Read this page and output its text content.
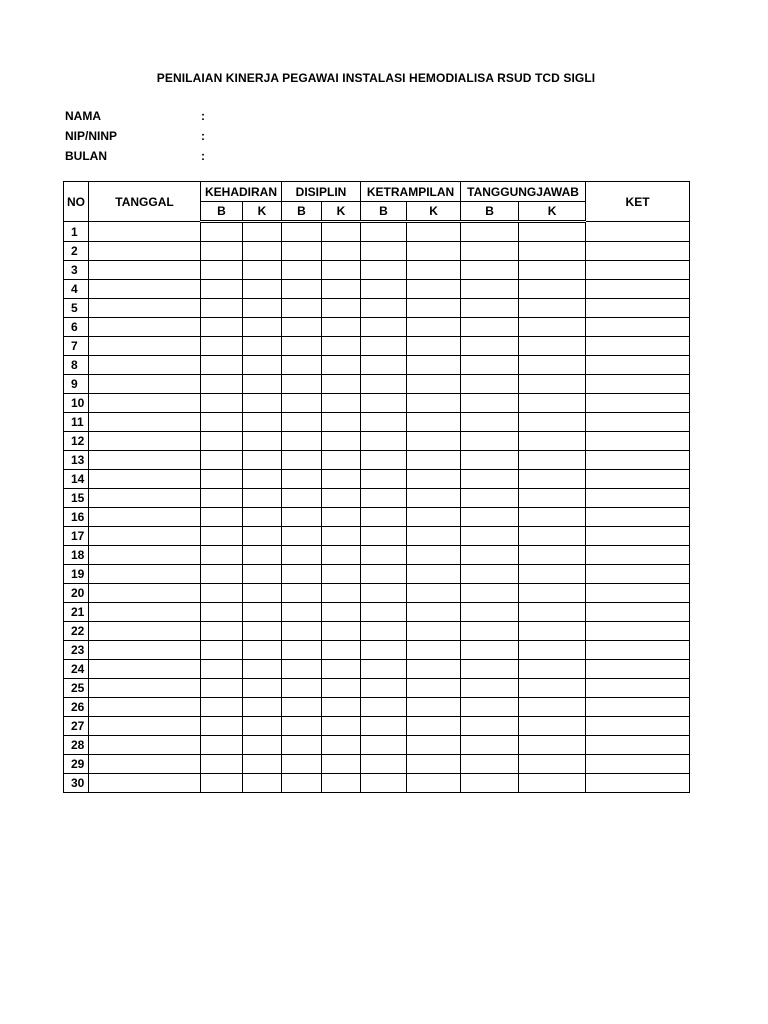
PENILAIAN KINERJA PEGAWAI INSTALASI HEMODIALISA RSUD TCD SIGLI
NAMA	:
NIP/NINP	:
BULAN	:
NO	TANGGAL	KEHADIRAN		DISIPLIN		KETRAMPILAN		TANGGUNGJAWAB		KET
		B	K	B	K	B	K	B	K	
1										
2										
3										
4										
5										
6										
7										
8										
9										
10										
11										
12										
13										
14										
15										
16										
17										
18										
19										
20										
21										
22										
23										
24										
25										
26										
27										
28										
29										
30										
